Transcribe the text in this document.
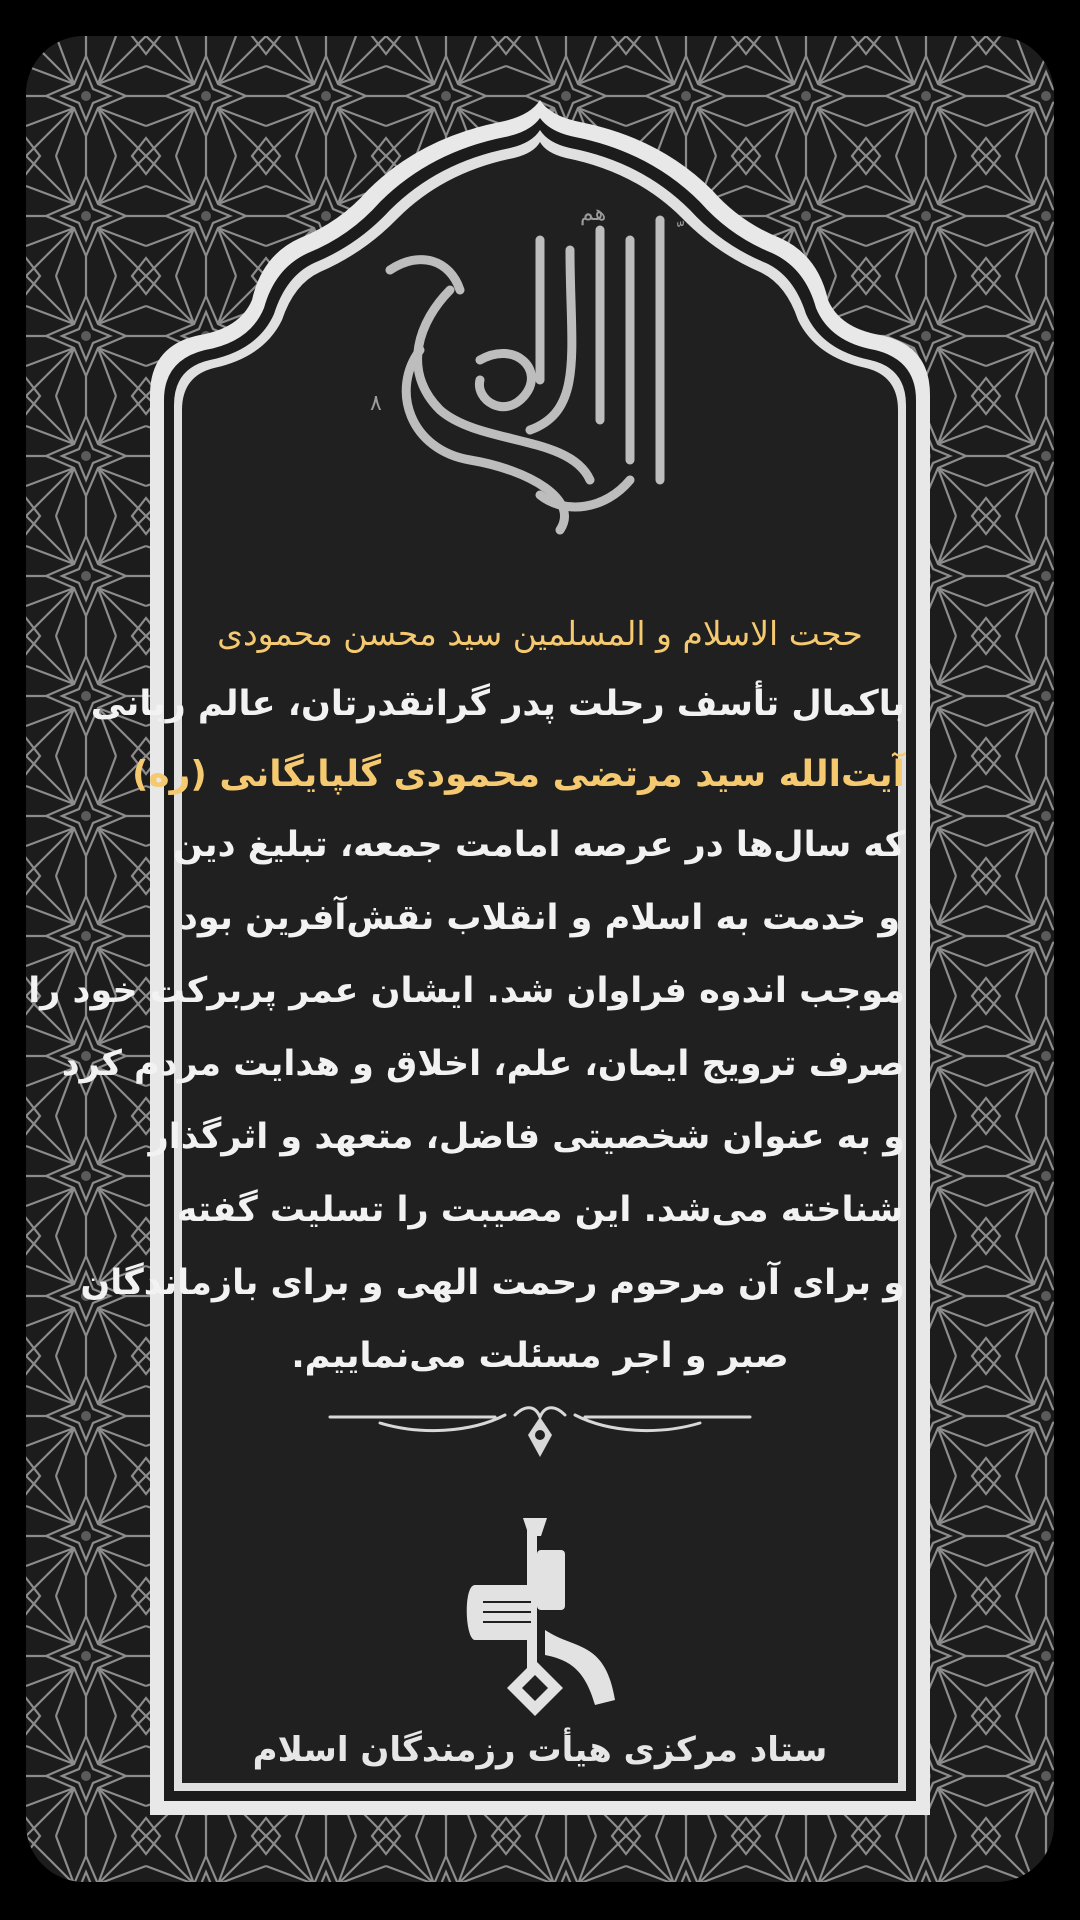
۸
هم
إنا لله وإنا إليه راجعون
حجت الاسلام و المسلمین سید محسن محمودی
باکمال تأسف رحلت پدر گرانقدرتان، عالم ربانی
آیت‌الله سید مرتضی محمودی گلپایگانی (ره)
که سال‌ها در عرصه امامت جمعه، تبلیغ دین
و خدمت به اسلام و انقلاب نقش‌آفرین بود
موجب اندوه فراوان شد. ایشان عمر پربرکت خود را
صرف ترویج ایمان، علم، اخلاق و هدایت مردم کرد
و به عنوان شخصیتی فاضل، متعهد و اثرگذار
شناخته می‌شد. این مصیبت را تسلیت گفته
و برای آن مرحوم رحمت الهی و برای بازماندگان
صبر و اجر مسئلت می‌نماییم.
ستاد مرکزی هیأت رزمندگان اسلام
